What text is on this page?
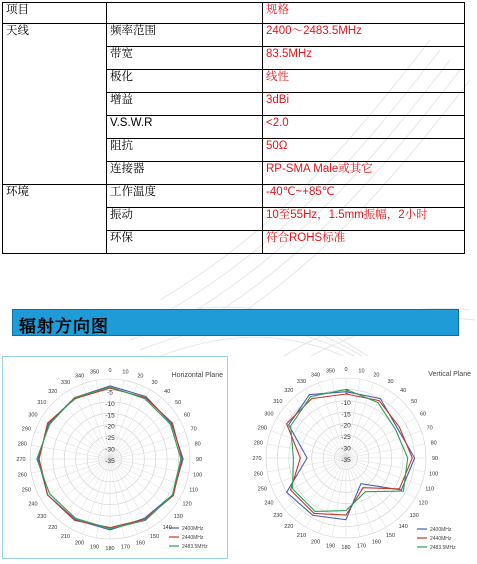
项目		规格
天线	频率范围	2400～2483.5MHz
	带宽	83.5MHz
	极化	线性
	增益	3dBi
	V.S.W.R	<2.0
	阻抗	50Ω
	连接器	RP-SMA Male或其它
环境	工作温度	-40℃~+85℃
	振动	10至55Hz，1.5mm振幅，2小时
	环保	符合ROHS标准
辐射方向图
0 10
20
30
40
50
60
70
80
90
100
110
120
130
140
150
160
170
180
190
200
210
220
230
240
250
260
270
280
290
300
310
320
330
340
350
-5
-10
-15
-20
-25
-30
-35
Horizontal Plane
2400MHz
2440MHz
2483.5MHz
0 10
20
30
40
50
60
70
80
90
100
110
120
130
140
150
160
170
180
190
200
210
220
230
240
250
260
270
280
290
300
310
320
330
340
350
-5
-10
-15
-20
-25
-30
-35
Vertical Plane
2400MHz
2440MHz
2483.5MHz
